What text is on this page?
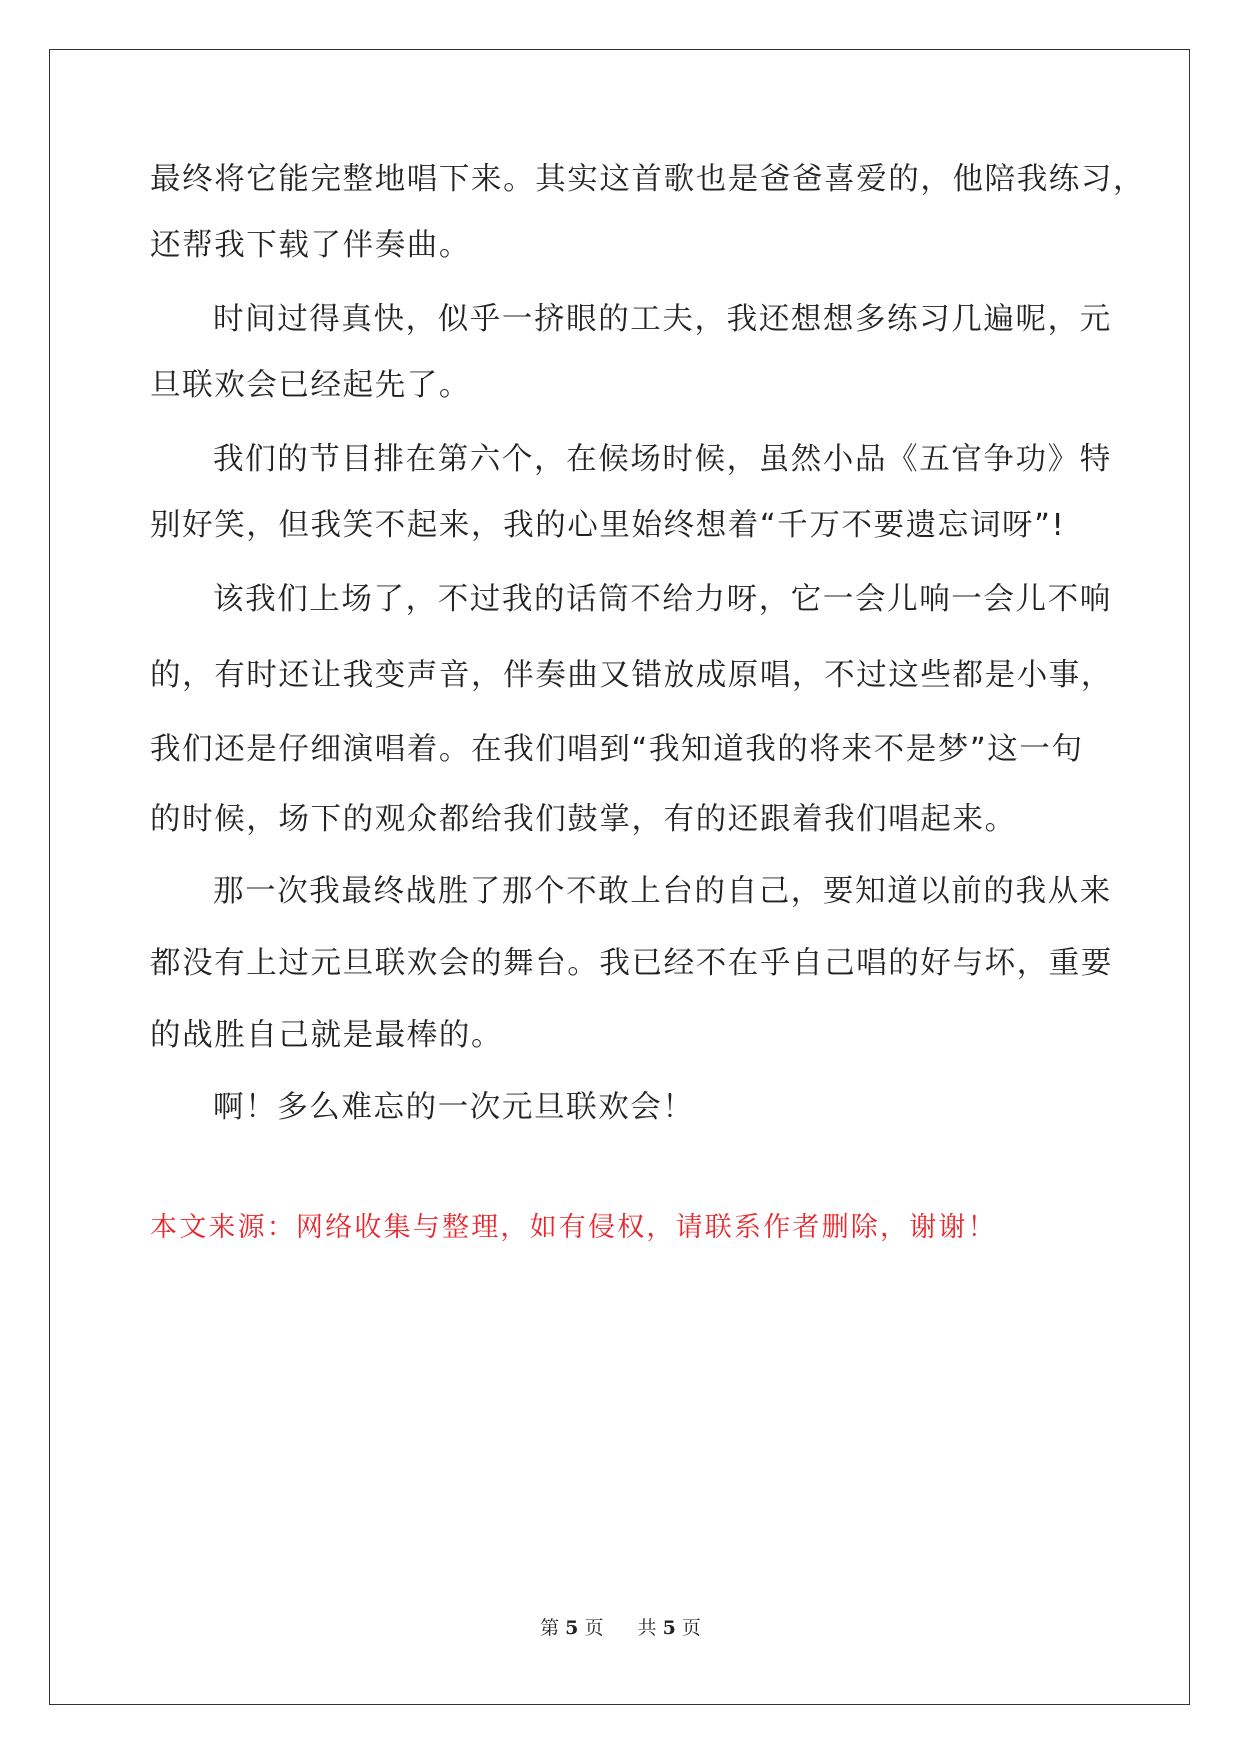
最终将它能完整地唱下来。其实这首歌也是爸爸喜爱的，他陪我练习，
还帮我下载了伴奏曲。
时间过得真快，似乎一挤眼的工夫，我还想想多练习几遍呢，元
旦联欢会已经起先了。
我们的节目排在第六个，在候场时候，虽然小品《五官争功》特
别好笑，但我笑不起来，我的心里始终想着“千万不要遗忘词呀”!
该我们上场了，不过我的话筒不给力呀，它一会儿响一会儿不响
的，有时还让我变声音，伴奏曲又错放成原唱，不过这些都是小事，
我们还是仔细演唱着。在我们唱到“我知道我的将来不是梦”这一句
的时候，场下的观众都给我们鼓掌，有的还跟着我们唱起来。
那一次我最终战胜了那个不敢上台的自己，要知道以前的我从来
都没有上过元旦联欢会的舞台。我已经不在乎自己唱的好与坏，重要
的战胜自己就是最棒的。
啊！多么难忘的一次元旦联欢会！
本文来源：网络收集与整理，如有侵权，请联系作者删除，谢谢！
第 5 页 共 5 页
